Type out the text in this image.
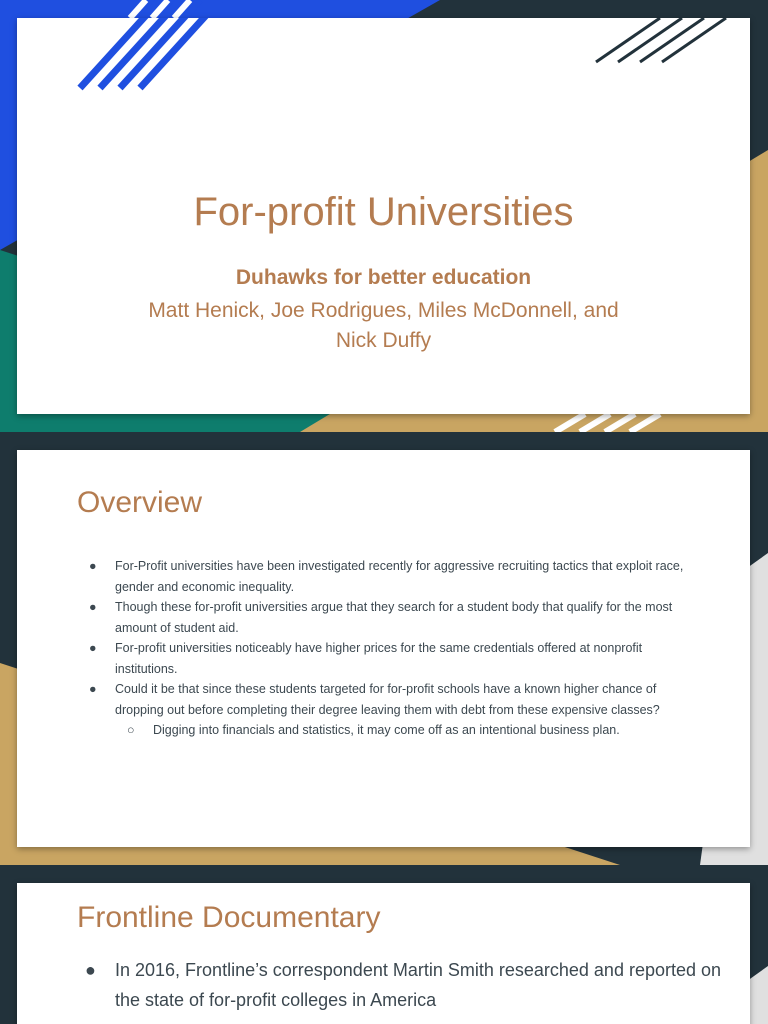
For-profit Universities
Duhawks for better education
Matt Henick, Joe Rodrigues, Miles McDonnell, and Nick Duffy
Overview
● For-Profit universities have been investigated recently for aggressive recruiting tactics that exploit race, gender and economic inequality.
● Though these for-profit universities argue that they search for a student body that qualify for the most amount of student aid.
● For-profit universities noticeably have higher prices for the same credentials offered at nonprofit institutions.
● Could it be that since these students targeted for for-profit schools have a known higher chance of dropping out before completing their degree leaving them with debt from these expensive classes?
○ Digging into financials and statistics, it may come off as an intentional business plan.
Frontline Documentary
● In 2016, Frontline’s correspondent Martin Smith researched and reported on the state of for-profit colleges in America
